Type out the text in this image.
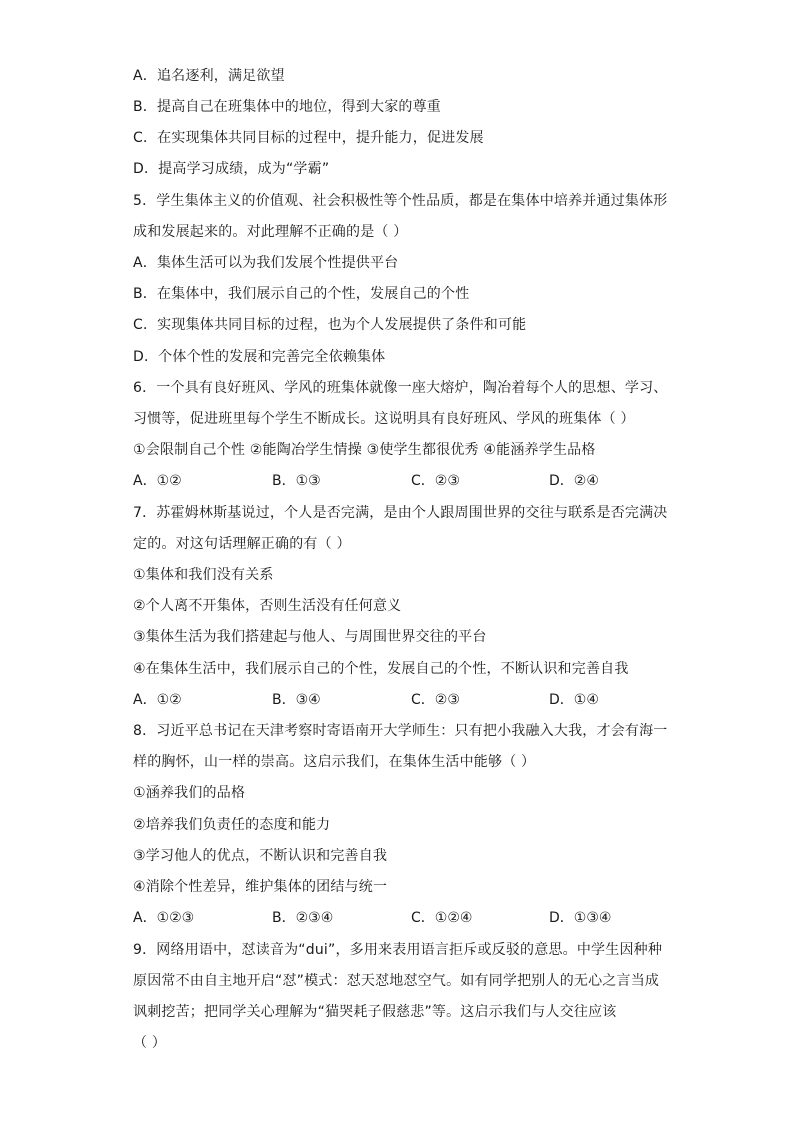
A．追名逐利，满足欲望
B．提高自己在班集体中的地位，得到大家的尊重
C．在实现集体共同目标的过程中，提升能力，促进发展
D．提高学习成绩，成为“学霸”
5．学生集体主义的价值观、社会积极性等个性品质，都是在集体中培养并通过集体形
成和发展起来的。对此理解不正确的是（ ）
A．集体生活可以为我们发展个性提供平台
B．在集体中，我们展示自己的个性，发展自己的个性
C．实现集体共同目标的过程，也为个人发展提供了条件和可能
D．个体个性的发展和完善完全依赖集体
6．一个具有良好班风、学风的班集体就像一座大熔炉，陶冶着每个人的思想、学习、
习惯等，促进班里每个学生不断成长。这说明具有良好班风、学风的班集体（ ）
①会限制自己个性 ②能陶冶学生情操 ③使学生都很优秀 ④能涵养学生品格
A．①②	B．①③	C．②③	D．②④
7．苏霍姆林斯基说过，个人是否完满，是由个人跟周围世界的交往与联系是否完满决
定的。对这句话理解正确的有（ ）
①集体和我们没有关系
②个人离不开集体，否则生活没有任何意义
③集体生活为我们搭建起与他人、与周围世界交往的平台
④在集体生活中，我们展示自己的个性，发展自己的个性，不断认识和完善自我
A．①②	B．③④	C．②③	D．①④
8．习近平总书记在天津考察时寄语南开大学师生：只有把小我融入大我，才会有海一
样的胸怀，山一样的崇高。这启示我们，在集体生活中能够（ ）
①涵养我们的品格
②培养我们负责任的态度和能力
③学习他人的优点，不断认识和完善自我
④消除个性差异，维护集体的团结与统一
A．①②③	B．②③④	C．①②④	D．①③④
9．网络用语中，怼读音为“dui”，多用来表用语言拒斥或反驳的意思。中学生因种种
原因常不由自主地开启“怼”模式：怼天怼地怼空气。如有同学把别人的无心之言当成
讽刺挖苦；把同学关心理解为“猫哭耗子假慈悲”等。这启示我们与人交往应该
（ ）
